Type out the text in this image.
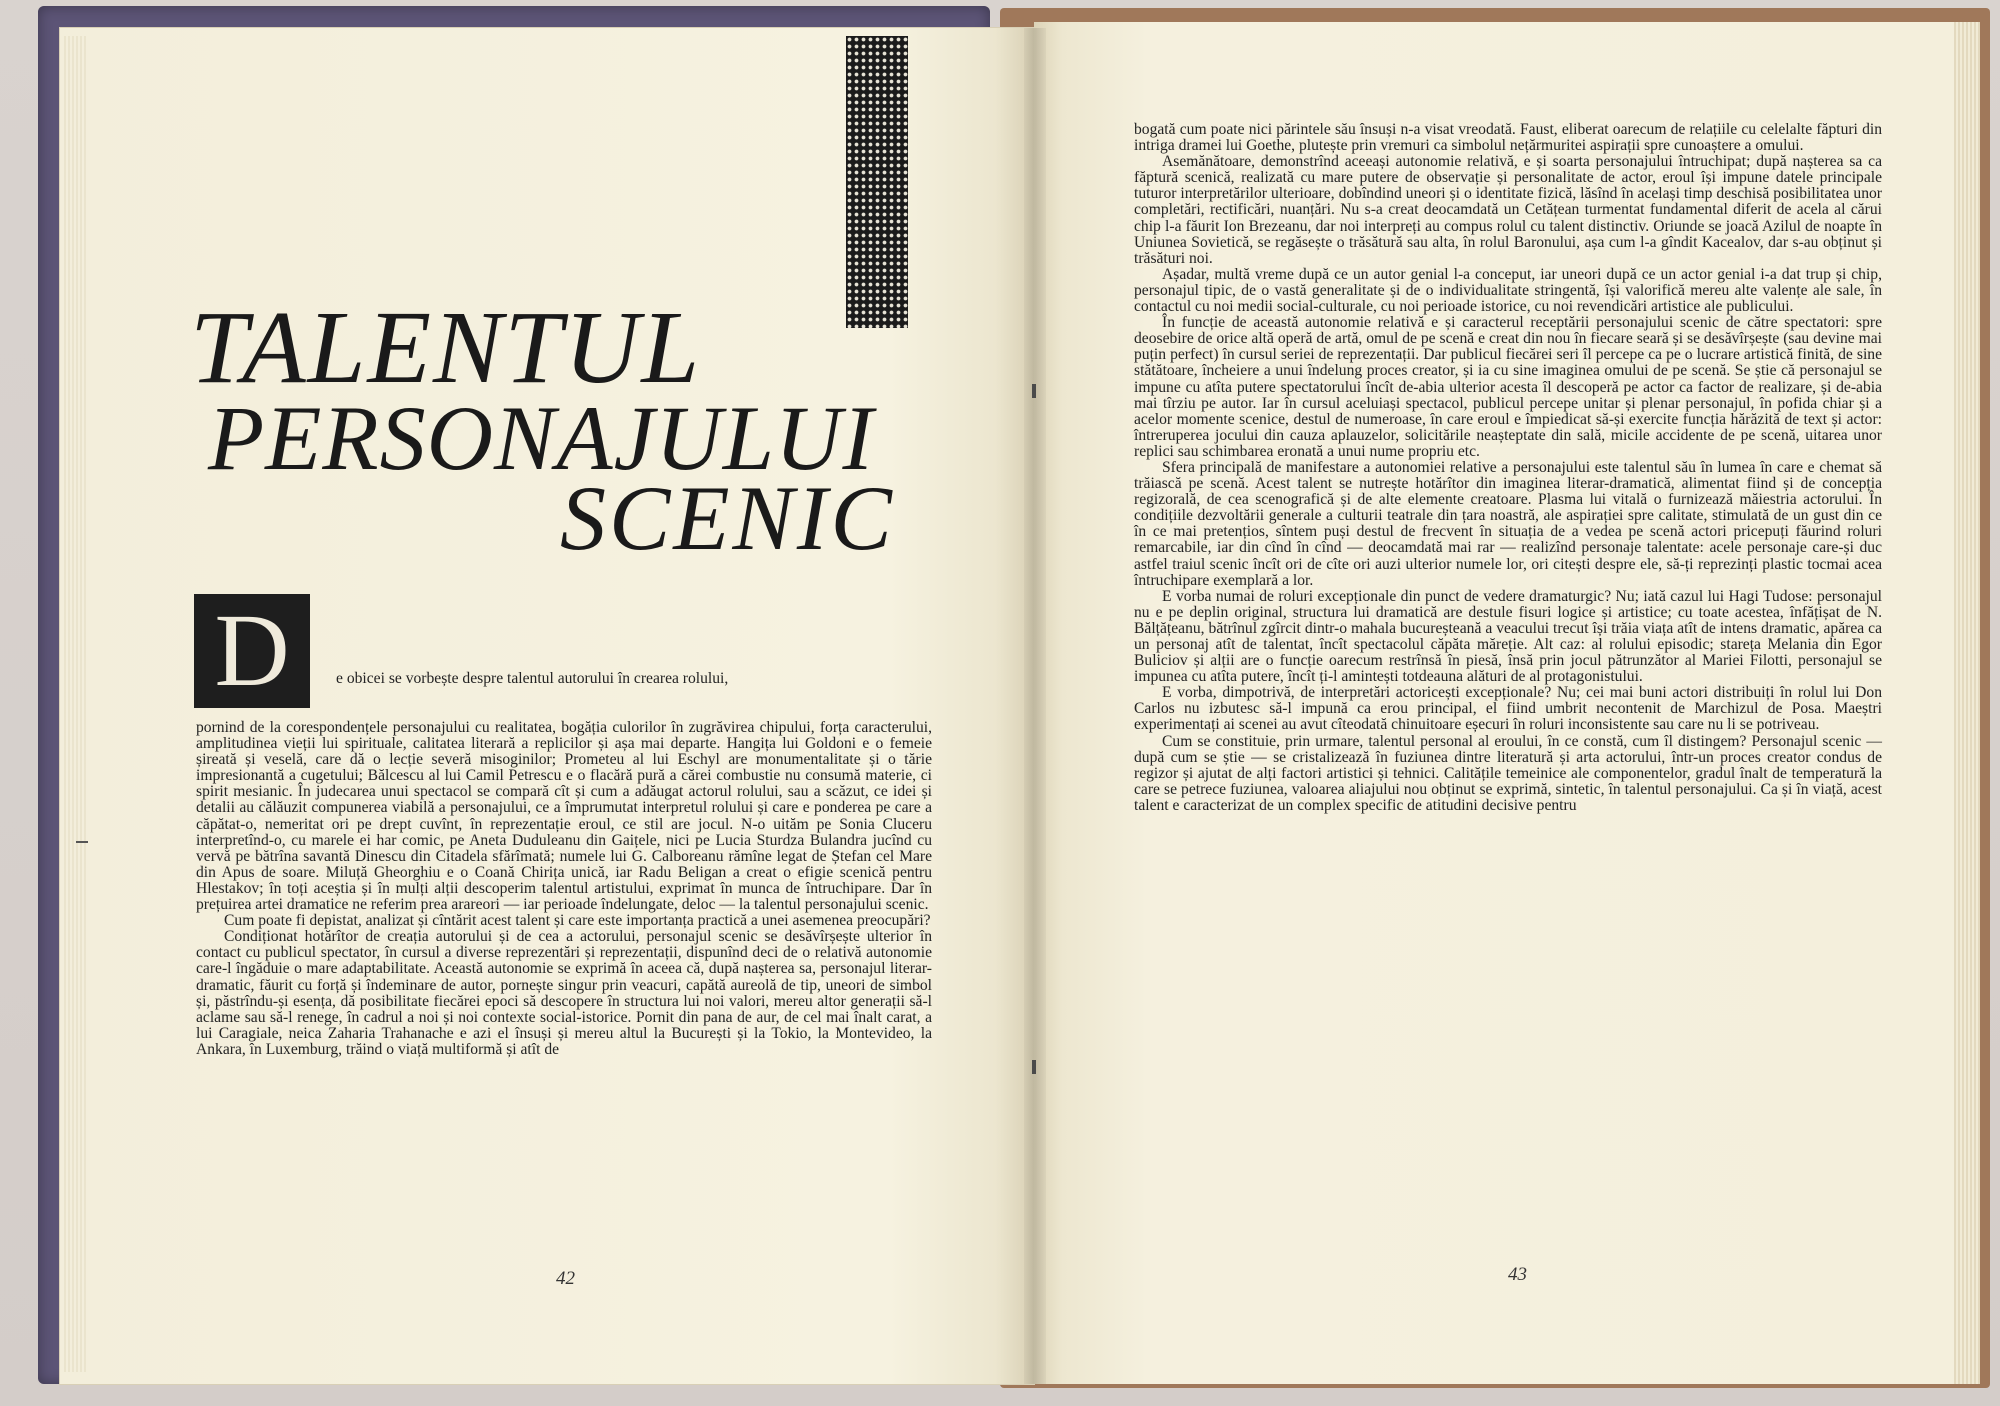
TALENTUL
PERSONAJULUI
SCENIC
D	e obicei se vorbește despre talentul autorului în crearea rolului,

pornind de la corespondențele personajului cu realitatea, bogăția culorilor în zugrăvirea chipului, forța caracterului, amplitudinea vieții lui spirituale, calitatea literară a replicilor și așa mai departe. Hangița lui Goldoni e o femeie șireată și veselă, care dă o lecție severă misoginilor; Prometeu al lui Eschyl are monumentalitate și o tărie impresionantă a cugetului; Bălcescu al lui Camil Petrescu e o flacără pură a cărei combustie nu consumă materie, ci spirit mesianic. În judecarea unui spectacol se compară cît și cum a adăugat actorul rolului, sau a scăzut, ce idei și detalii au călăuzit compunerea viabilă a personajului, ce a împrumutat interpretul rolului și care e ponderea pe care a căpătat-o, nemeritat ori pe drept cuvînt, în reprezentație eroul, ce stil are jocul. N-o uităm pe Sonia Cluceru interpretînd-o, cu marele ei har comic, pe Aneta Duduleanu din Gaițele, nici pe Lucia Sturdza Bulandra jucînd cu vervă pe bătrîna savantă Dinescu din Citadela sfărîmată; numele lui G. Calboreanu rămîne legat de Ștefan cel Mare din Apus de soare. Miluță Gheorghiu e o Coană Chirița unică, iar Radu Beligan a creat o efigie scenică pentru Hlestakov; în toți aceștia și în mulți alții descoperim talentul artistului, exprimat în munca de întruchipare. Dar în prețuirea artei dramatice ne referim prea arareori — iar perioade îndelungate, deloc — la talentul personajului scenic.

Cum poate fi depistat, analizat și cîntărit acest talent și care este importanța practică a unei asemenea preocupări?

Condiționat hotărîtor de creația autorului și de cea a actorului, personajul scenic se desăvîrșește ulterior în contact cu publicul spectator, în cursul a diverse reprezentări și reprezentații, dispunînd deci de o relativă autonomie care-l îngăduie o mare adaptabilitate. Această autonomie se exprimă în aceea că, după nașterea sa, personajul literar-dramatic, făurit cu forță și îndeminare de autor, pornește singur prin veacuri, capătă aureolă de tip, uneori de simbol și, păstrîndu-și esența, dă posibilitate fiecărei epoci să descopere în structura lui noi valori, mereu altor generații să-l aclame sau să-l renege, în cadrul a noi și noi contexte social-istorice. Pornit din pana de aur, de cel mai înalt carat, a lui Caragiale, neica Zaharia Trahanache e azi el însuși și mereu altul la București și la Tokio, la Montevideo, la Ankara, în Luxemburg, trăind o viață multiformă și atît de

42

bogată cum poate nici părintele său însuși n-a visat vreodată. Faust, eliberat oarecum de relațiile cu celelalte făpturi din intriga dramei lui Goethe, plutește prin vremuri ca simbolul nețărmuritei aspirații spre cunoaștere a omului.

Asemănătoare, demonstrînd aceeași autonomie relativă, e și soarta personajului întruchipat; după nașterea sa ca făptură scenică, realizată cu mare putere de observație și personalitate de actor, eroul își impune datele principale tuturor interpretărilor ulterioare, dobîndind uneori și o identitate fizică, lăsînd în același timp deschisă posibilitatea unor completări, rectificări, nuanțări. Nu s-a creat deocamdată un Cetățean turmentat fundamental diferit de acela al cărui chip l-a făurit Ion Brezeanu, dar noi interpreți au compus rolul cu talent distinctiv. Oriunde se joacă Azilul de noapte în Uniunea Sovietică, se regăsește o trăsătură sau alta, în rolul Baronului, așa cum l-a gîndit Kacealov, dar s-au obținut și trăsături noi.

Așadar, multă vreme după ce un autor genial l-a conceput, iar uneori după ce un actor genial i-a dat trup și chip, personajul tipic, de o vastă generalitate și de o individualitate stringentă, își valorifică mereu alte valențe ale sale, în contactul cu noi medii social-culturale, cu noi perioade istorice, cu noi revendicări artistice ale publicului.

În funcție de această autonomie relativă e și caracterul receptării personajului scenic de către spectatori: spre deosebire de orice altă operă de artă, omul de pe scenă e creat din nou în fiecare seară și se desăvîrșește (sau devine mai puțin perfect) în cursul seriei de reprezentații. Dar publicul fiecărei seri îl percepe ca pe o lucrare artistică finită, de sine stătătoare, încheiere a unui îndelung proces creator, și ia cu sine imaginea omului de pe scenă. Se știe că personajul se impune cu atîta putere spectatorului încît de-abia ulterior acesta îl descoperă pe actor ca factor de realizare, și de-abia mai tîrziu pe autor. Iar în cursul aceluiași spectacol, publicul percepe unitar și plenar personajul, în pofida chiar și a acelor momente scenice, destul de numeroase, în care eroul e împiedicat să-și exercite funcția hărăzită de text și actor: întreruperea jocului din cauza aplauzelor, solicitările neașteptate din sală, micile accidente de pe scenă, uitarea unor replici sau schimbarea eronată a unui nume propriu etc.

Sfera principală de manifestare a autonomiei relative a personajului este talentul său în lumea în care e chemat să trăiască pe scenă. Acest talent se nutrește hotărîtor din imaginea literar-dramatică, alimentat fiind și de concepția regizorală, de cea scenografică și de alte elemente creatoare. Plasma lui vitală o furnizează măiestria actorului. În condițiile dezvoltării generale a culturii teatrale din țara noastră, ale aspirației spre calitate, stimulată de un gust din ce în ce mai pretențios, sîntem puși destul de frecvent în situația de a vedea pe scenă actori pricepuți făurind roluri remarcabile, iar din cînd în cînd — deocamdată mai rar — realizînd personaje talentate: acele personaje care-și duc astfel traiul scenic încît ori de cîte ori auzi ulterior numele lor, ori citești despre ele, să-ți reprezinți plastic tocmai acea întruchipare exemplară a lor.

E vorba numai de roluri excepționale din punct de vedere dramaturgic? Nu; iată cazul lui Hagi Tudose: personajul nu e pe deplin original, structura lui dramatică are destule fisuri logice și artistice; cu toate acestea, înfățișat de N. Bălțățeanu, bătrînul zgîrcit dintr-o mahala bucureșteană a veacului trecut își trăia viața atît de intens dramatic, apărea ca un personaj atît de talentat, încît spectacolul căpăta măreție. Alt caz: al rolului episodic; stareța Melania din Egor Buliciov și alții are o funcție oarecum restrînsă în piesă, însă prin jocul pătrunzător al Mariei Filotti, personajul se impunea cu atîta putere, încît ți-l amintești totdeauna alături de al protagonistului.

E vorba, dimpotrivă, de interpretări actoricești excepționale? Nu; cei mai buni actori distribuiți în rolul lui Don Carlos nu izbutesc să-l impună ca erou principal, el fiind umbrit necontenit de Marchizul de Posa. Maeștri experimentați ai scenei au avut cîteodată chinuitoare eșecuri în roluri inconsistente sau care nu li se potriveau.

Cum se constituie, prin urmare, talentul personal al eroului, în ce constă, cum îl distingem? Personajul scenic — după cum se știe — se cristalizează în fuziunea dintre literatură și arta actorului, într-un proces creator condus de regizor și ajutat de alți factori artistici și tehnici. Calitățile temeinice ale componentelor, gradul înalt de temperatură la care se petrece fuziunea, valoarea aliajului nou obținut se exprimă, sintetic, în talentul personajului. Ca și în viață, acest talent e caracterizat de un complex specific de atitudini decisive pentru

43
